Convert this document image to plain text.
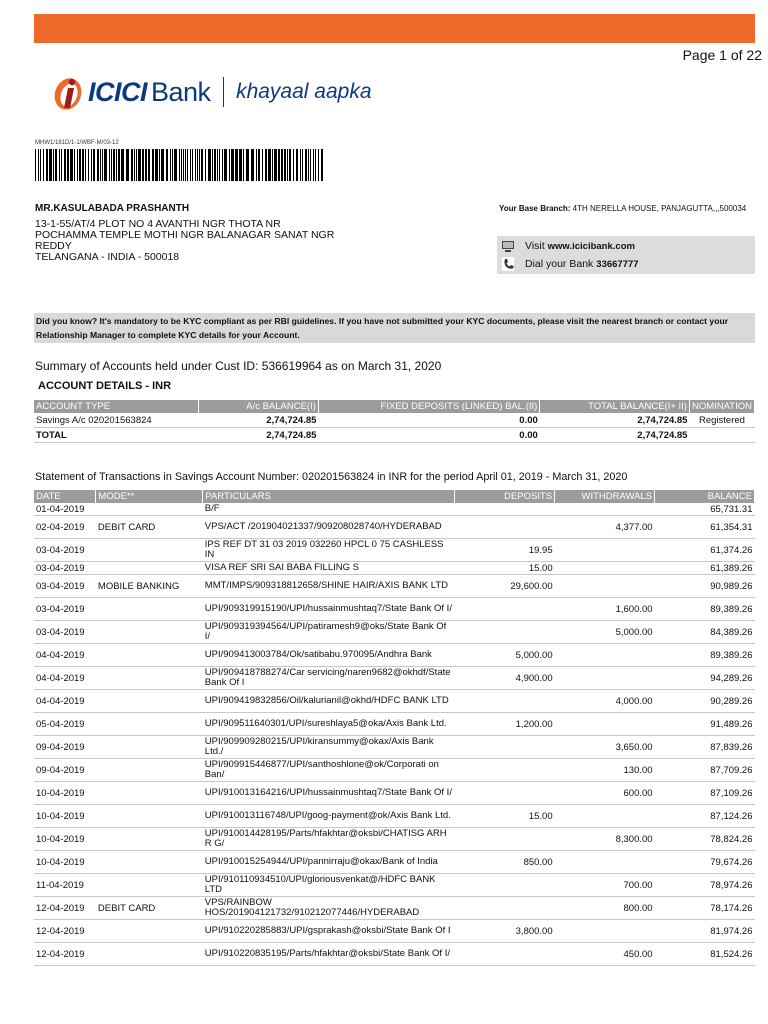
Page 1 of 22
ICICI Bank khayaal aapka
MHW1/181D/1-1/WBF-M/03-12
MR.KASULABADA PRASHANTH
13-1-55/AT/4 PLOT NO 4 AVANTHI NGR THOTA NR
POCHAMMA TEMPLE MOTHI NGR BALANAGAR SANAT NGR
REDDY
TELANGANA - INDIA - 500018
Your Base Branch: 4TH NERELLA HOUSE, PANJAGUTTA,,,500034
Visit www.icicibank.com
Dial your Bank 33667777
Did you know? It's mandatory to be KYC compliant as per RBI guidelines. If you have not submitted your KYC documents, please visit the nearest branch or contact your Relationship Manager to complete KYC details for your Account.
Summary of Accounts held under Cust ID: 536619964 as on March 31, 2020
ACCOUNT DETAILS - INR
ACCOUNT TYPE	A/c BALANCE(I)	FIXED DEPOSITS (LINKED) BAL.(II)	TOTAL BALANCE(I+ II)	NOMINATION
Savings A/c 020201563824	2,74,724.85	0.00	2,74,724.85	Registered
TOTAL	2,74,724.85	0.00	2,74,724.85	
Statement of Transactions in Savings Account Number: 020201563824 in INR for the period April 01, 2019 - March 31, 2020
DATE	MODE**	PARTICULARS	DEPOSITS	WITHDRAWALS	BALANCE
01-04-2019		B/F			65,731.31
02-04-2019	DEBIT CARD	VPS/ACT /201904021337/909208028740/HYDERABAD		4,377.00	61,354.31
03-04-2019		IPS REF DT 31 03 2019 032260 HPCL 0 75 CASHLESS IN	19.95		61,374.26
03-04-2019		VISA REF SRI SAI BABA FILLING S	15.00		61,389.26
03-04-2019	MOBILE BANKING	MMT/IMPS/909318812658/SHINE HAIR/AXIS BANK LTD	29,600.00		90,989.26
03-04-2019		UPI/909319915190/UPI/hussainmushtaq7/State Bank Of I/		1,600.00	89,389.26
03-04-2019		UPI/909319394564/UPI/patiramesh9@oks/State Bank Of I/		5,000.00	84,389.26
04-04-2019		UPI/909413003784/Ok/satibabu.970095/Andhra Bank	5,000.00		89,389.26
04-04-2019		UPI/909418788274/Car servicing/naren9682@okhdf/State Bank Of I	4,900.00		94,289.26
04-04-2019		UPI/909419832856/Oil/kalurianil@okhd/HDFC BANK LTD		4,000.00	90,289.26
05-04-2019		UPI/909511640301/UPI/sureshlaya5@oka/Axis Bank Ltd.	1,200.00		91,489.26
09-04-2019		UPI/909909280215/UPI/kiransummy@okax/Axis Bank Ltd./		3,650.00	87,839.26
09-04-2019		UPI/909915446877/UPI/santhoshlone@ok/Corporati on Ban/		130.00	87,709.26
10-04-2019		UPI/910013164216/UPI/hussainmushtaq7/State Bank Of I/		600.00	87,109.26
10-04-2019		UPI/910013116748/UPI/goog-payment@ok/Axis Bank Ltd.	15.00		87,124.26
10-04-2019		UPI/910014428195/Parts/hfakhtar@oksbi/CHATISG ARH R G/		8,300.00	78,824.26
10-04-2019		UPI/910015254944/UPI/pannirraju@okax/Bank of India	850.00		79,674.26
11-04-2019		UPI/910110934510/UPI/gloriousvenkat@/HDFC BANK LTD		700.00	78,974.26
12-04-2019	DEBIT CARD	VPS/RAINBOW HOS/201904121732/910212077446/HYDERABAD		800.00	78,174.26
12-04-2019		UPI/910220285883/UPI/gsprakash@oksbi/State Bank Of I	3,800.00		81,974.26
12-04-2019		UPI/910220835195/Parts/hfakhtar@oksbi/State Bank Of I/		450.00	81,524.26
